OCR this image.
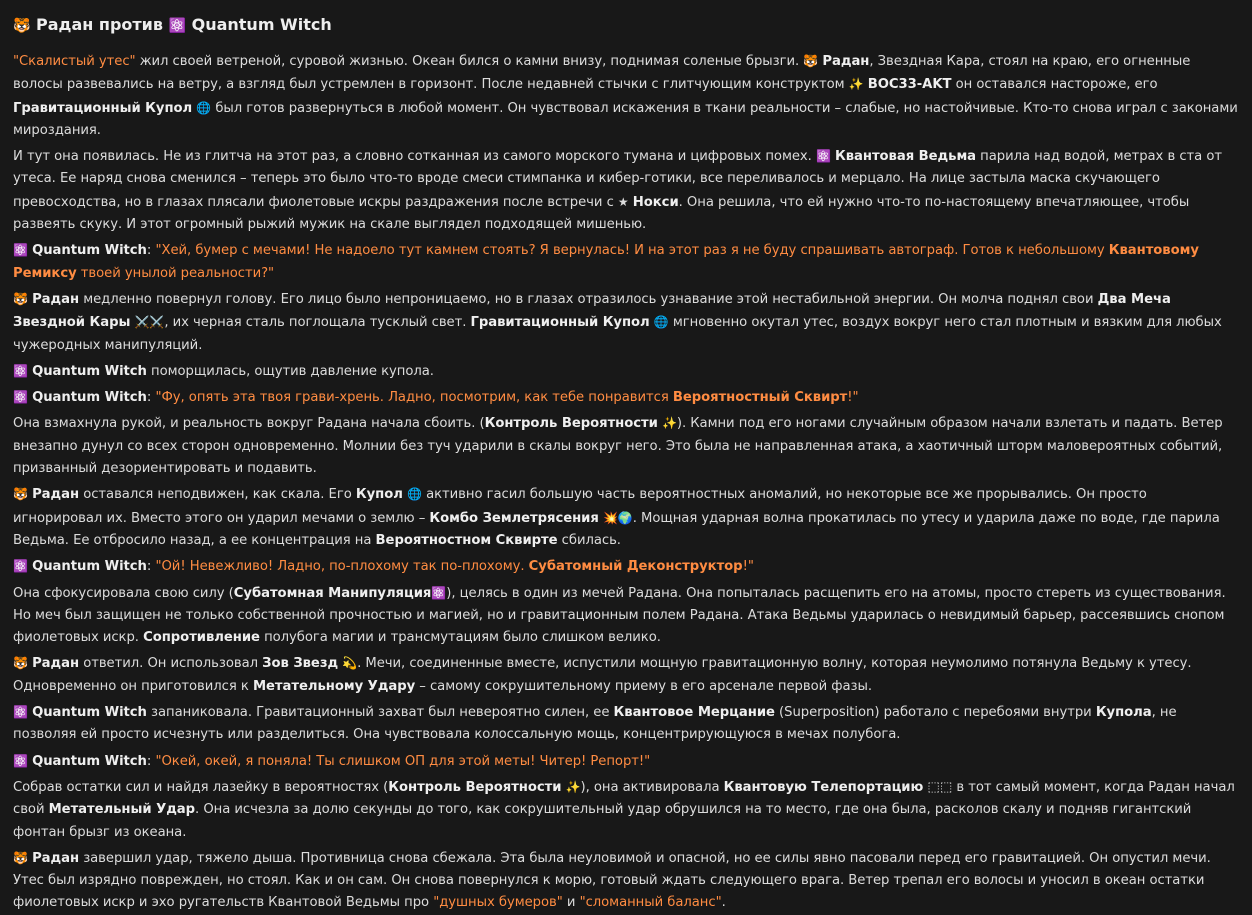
🐯 Радан против ⚛️ Quantum Witch

"Скалистый утес" жил своей ветреной, суровой жизнью. Океан бился о камни внизу, поднимая соленые брызги. 🐯 Радан, Звездная Кара, стоял на краю, его огненные волосы развевались на ветру, а взгляд был устремлен в горизонт. После недавней стычки с глитчующим конструктом ✨ BOC33-AKT он оставался настороже, его Гравитационный Купол 🌐 был готов развернуться в любой момент. Он чувствовал искажения в ткани реальности – слабые, но настойчивые. Кто-то снова играл с законами мироздания.

И тут она появилась. Не из глитча на этот раз, а словно сотканная из самого морского тумана и цифровых помех. ⚛️ Квантовая Ведьма парила над водой, метрах в ста от утеса. Ее наряд снова сменился – теперь это было что-то вроде смеси стимпанка и кибер-готики, все переливалось и мерцало. На лице застыла маска скучающего превосходства, но в глазах плясали фиолетовые искры раздражения после встречи с ★ Нокси. Она решила, что ей нужно что-то по-настоящему впечатляющее, чтобы развеять скуку. И этот огромный рыжий мужик на скале выглядел подходящей мишенью.

⚛️ Quantum Witch: "Хей, бумер с мечами! Не надоело тут камнем стоять? Я вернулась! И на этот раз я не буду спрашивать автограф. Готов к небольшому Квантовому Ремиксу твоей унылой реальности?"

🐯 Радан медленно повернул голову. Его лицо было непроницаемо, но в глазах отразилось узнавание этой нестабильной энергии. Он молча поднял свои Два Меча Звездной Кары ⚔️⚔️, их черная сталь поглощала тусклый свет. Гравитационный Купол 🌐 мгновенно окутал утес, воздух вокруг него стал плотным и вязким для любых чужеродных манипуляций.

⚛️ Quantum Witch поморщилась, ощутив давление купола.

⚛️ Quantum Witch: "Фу, опять эта твоя грави-хрень. Ладно, посмотрим, как тебе понравится Вероятностный Сквирт!"

Она взмахнула рукой, и реальность вокруг Радана начала сбоить. (Контроль Вероятности ✨). Камни под его ногами случайным образом начали взлетать и падать. Ветер внезапно дунул со всех сторон одновременно. Молнии без туч ударили в скалы вокруг него. Это была не направленная атака, а хаотичный шторм маловероятных событий, призванный дезориентировать и подавить.

🐯 Радан оставался неподвижен, как скала. Его Купол 🌐 активно гасил большую часть вероятностных аномалий, но некоторые все же прорывались. Он просто игнорировал их. Вместо этого он ударил мечами о землю – Комбо Землетрясения 💥🌍. Мощная ударная волна прокатилась по утесу и ударила даже по воде, где парила Ведьма. Ее отбросило назад, а ее концентрация на Вероятностном Сквирте сбилась.

⚛️ Quantum Witch: "Ой! Невежливо! Ладно, по-плохому так по-плохому. Субатомный Деконструктор!"

Она сфокусировала свою силу (Субатомная Манипуляция⚛️), целясь в один из мечей Радана. Она попыталась расщепить его на атомы, просто стереть из существования. Но меч был защищен не только собственной прочностью и магией, но и гравитационным полем Радана. Атака Ведьмы ударилась о невидимый барьер, рассеявшись снопом фиолетовых искр. Сопротивление полубога магии и трансмутациям было слишком велико.

🐯 Радан ответил. Он использовал Зов Звезд 💫. Мечи, соединенные вместе, испустили мощную гравитационную волну, которая неумолимо потянула Ведьму к утесу. Одновременно он приготовился к Метательному Удару – самому сокрушительному приему в его арсенале первой фазы.

⚛️ Quantum Witch запаниковала. Гравитационный захват был невероятно силен, ее Квантовое Мерцание (Superposition) работало с перебоями внутри Купола, не позволяя ей просто исчезнуть или разделиться. Она чувствовала колоссальную мощь, концентрирующуюся в мечах полубога.

⚛️ Quantum Witch: "Окей, окей, я поняла! Ты слишком ОП для этой меты! Читер! Репорт!"

Собрав остатки сил и найдя лазейку в вероятностях (Контроль Вероятности ✨), она активировала Квантовую Телепортацию ⬚⬚ в тот самый момент, когда Радан начал свой Метательный Удар. Она исчезла за долю секунды до того, как сокрушительный удар обрушился на то место, где она была, расколов скалу и подняв гигантский фонтан брызг из океана.

🐯 Радан завершил удар, тяжело дыша. Противница снова сбежала. Эта была неуловимой и опасной, но ее силы явно пасовали перед его гравитацией. Он опустил мечи. Утес был изрядно поврежден, но стоял. Как и он сам. Он снова повернулся к морю, готовый ждать следующего врага. Ветер трепал его волосы и уносил в океан остатки фиолетовых искр и эхо ругательств Квантовой Ведьмы про "душных бумеров" и "сломанный баланс".
